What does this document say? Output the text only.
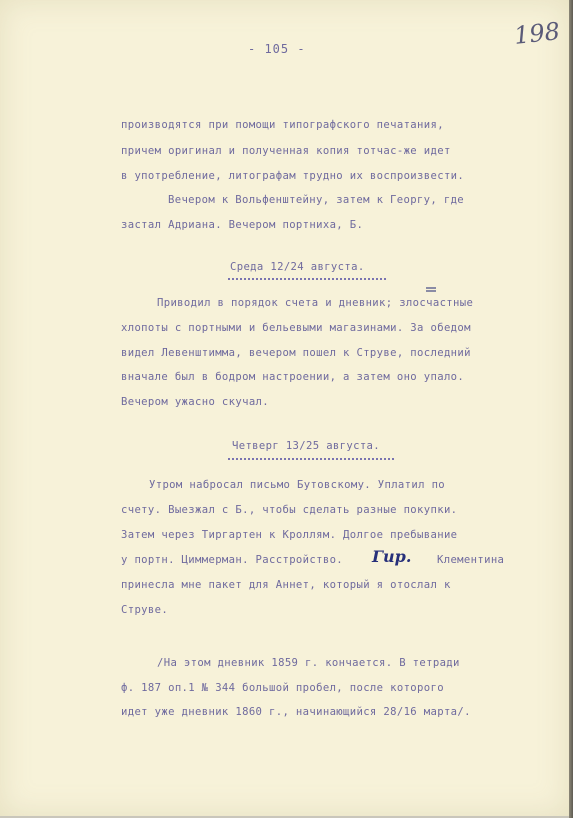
- 105 -	198
производятся при помощи типографского печатания,
причем оригинал и полученная копия тотчас-же идет
в употребление, литографам трудно их воспроизвести.
Вечером к Вольфенштейну, затем к Георгу, где
застал Адриана. Вечером портниха, Б.
Среда 12/24 августа.
Приводил в порядок счета и дневник; злосчастные
хлопоты с портными и бельевыми магазинами. За обедом
видел Левенштимма, вечером пошел к Струве, последний
вначале был в бодром настроении, а затем оно упало.
Вечером ужасно скучал.
Четверг 13/25 августа.
Утром набросал письмо Бутовскому. Уплатил по
счету. Выезжал с Б., чтобы сделать разные покупки.
Затем через Тиргартен к Кроллям. Долгое пребывание
у портн. Циммерман. Расстройство. Гир. Клементина
принесла мне пакет для Аннет, который я отослал к
Струве.
/На этом дневник 1859 г. кончается. В тетради
ф. 187 оп.1 № 344 большой пробел, после которого
идет уже дневник 1860 г., начинающийся 28/16 марта/.
